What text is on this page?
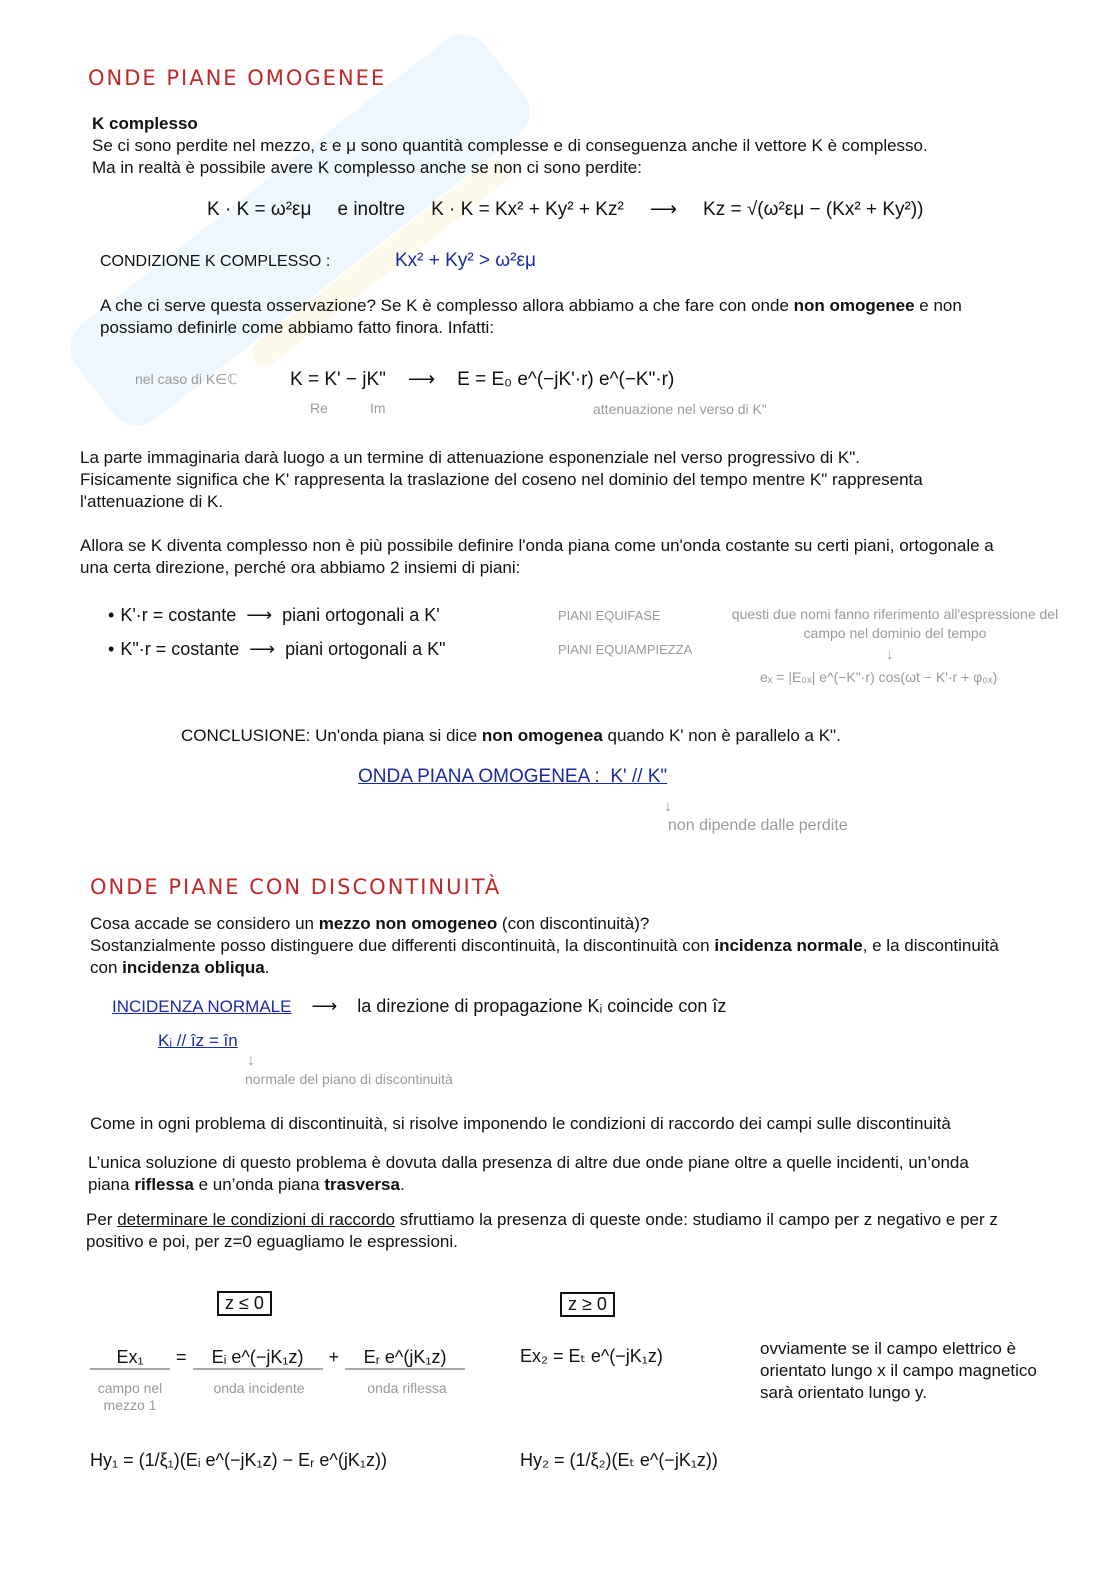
ONDE PIANE OMOGENEE
K complesso
Se ci sono perdite nel mezzo, ε e μ sono quantità complesse e di conseguenza anche il vettore K è complesso.
Ma in realtà è possibile avere K complesso anche se non ci sono perdite:
K · K = ω²εμ e inoltre K · K = Kx² + Ky² + Kz² ⟶ Kz = √(ω²εμ − (Kx² + Ky²))
CONDIZIONE K COMPLESSO :	Kx² + Ky² > ω²εμ
A che ci serve questa osservazione? Se K è complesso allora abbiamo a che fare con onde non omogenee e non
possiamo definirle come abbiamo fatto finora. Infatti:
nel caso di K∈ℂ	K = K' − jK" ⟶ E = E₀ e^(−jK'·r) e^(−K"·r)
Re	Im	attenuazione nel verso di K"
La parte immaginaria darà luogo a un termine di attenuazione esponenziale nel verso progressivo di K".
Fisicamente significa che K' rappresenta la traslazione del coseno nel dominio del tempo mentre K" rappresenta l'attenuazione di K.
Allora se K diventa complesso non è più possibile definire l'onda piana come un'onda costante su certi piani, ortogonale a una certa direzione, perché ora abbiamo 2 insiemi di piani:
• K'·r = costante ⟶ piani ortogonali a K'	PIANI EQUIFASE
• K"·r = costante ⟶ piani ortogonali a K"	PIANI EQUIAMPIEZZA
questi due nomi fanno riferimento all'espressione del campo nel dominio del tempo
↓
eₓ = |E₀ₓ| e^(−K"·r) cos(ωt − K'·r + φ₀ₓ)
CONCLUSIONE: Un'onda piana si dice non omogenea quando K' non è parallelo a K".
ONDA PIANA OMOGENEA :  K' // K"
↓
non dipende dalle perdite
ONDE PIANE CON DISCONTINUITÀ
Cosa accade se considero un mezzo non omogeneo (con discontinuità)?
Sostanzialmente posso distinguere due differenti discontinuità, la discontinuità con incidenza normale, e la discontinuità con incidenza obliqua.
INCIDENZA NORMALE ⟶ la direzione di propagazione Kᵢ coincide con îz
Kᵢ // îz = în
↓
normale del piano di discontinuità
Come in ogni problema di discontinuità, si risolve imponendo le condizioni di raccordo dei campi sulle discontinuità
L’unica soluzione di questo problema è dovuta dalla presenza di altre due onde piane oltre a quelle incidenti, un’onda piana riflessa e un’onda piana trasversa.
Per determinare le condizioni di raccordo sfruttiamo la presenza di queste onde: studiamo il campo per z negativo e per z positivo e poi, per z=0 eguagliamo le espressioni.
z ≤ 0	z ≥ 0
Ex₁	=	Eᵢ e^(−jK₁z)	+	Eᵣ e^(jK₁z)
campo nel mezzo 1
onda incidente	onda riflessa
Ex₂ = Eₜ e^(−jK₁z)
Hy₁ = (1/ξ₁)(Eᵢ e^(−jK₁z) − Eᵣ e^(jK₁z))	Hy₂ = (1/ξ₂)(Eₜ e^(−jK₁z))
ovviamente se il campo elettrico è orientato lungo x il campo magnetico sarà orientato lungo y.
